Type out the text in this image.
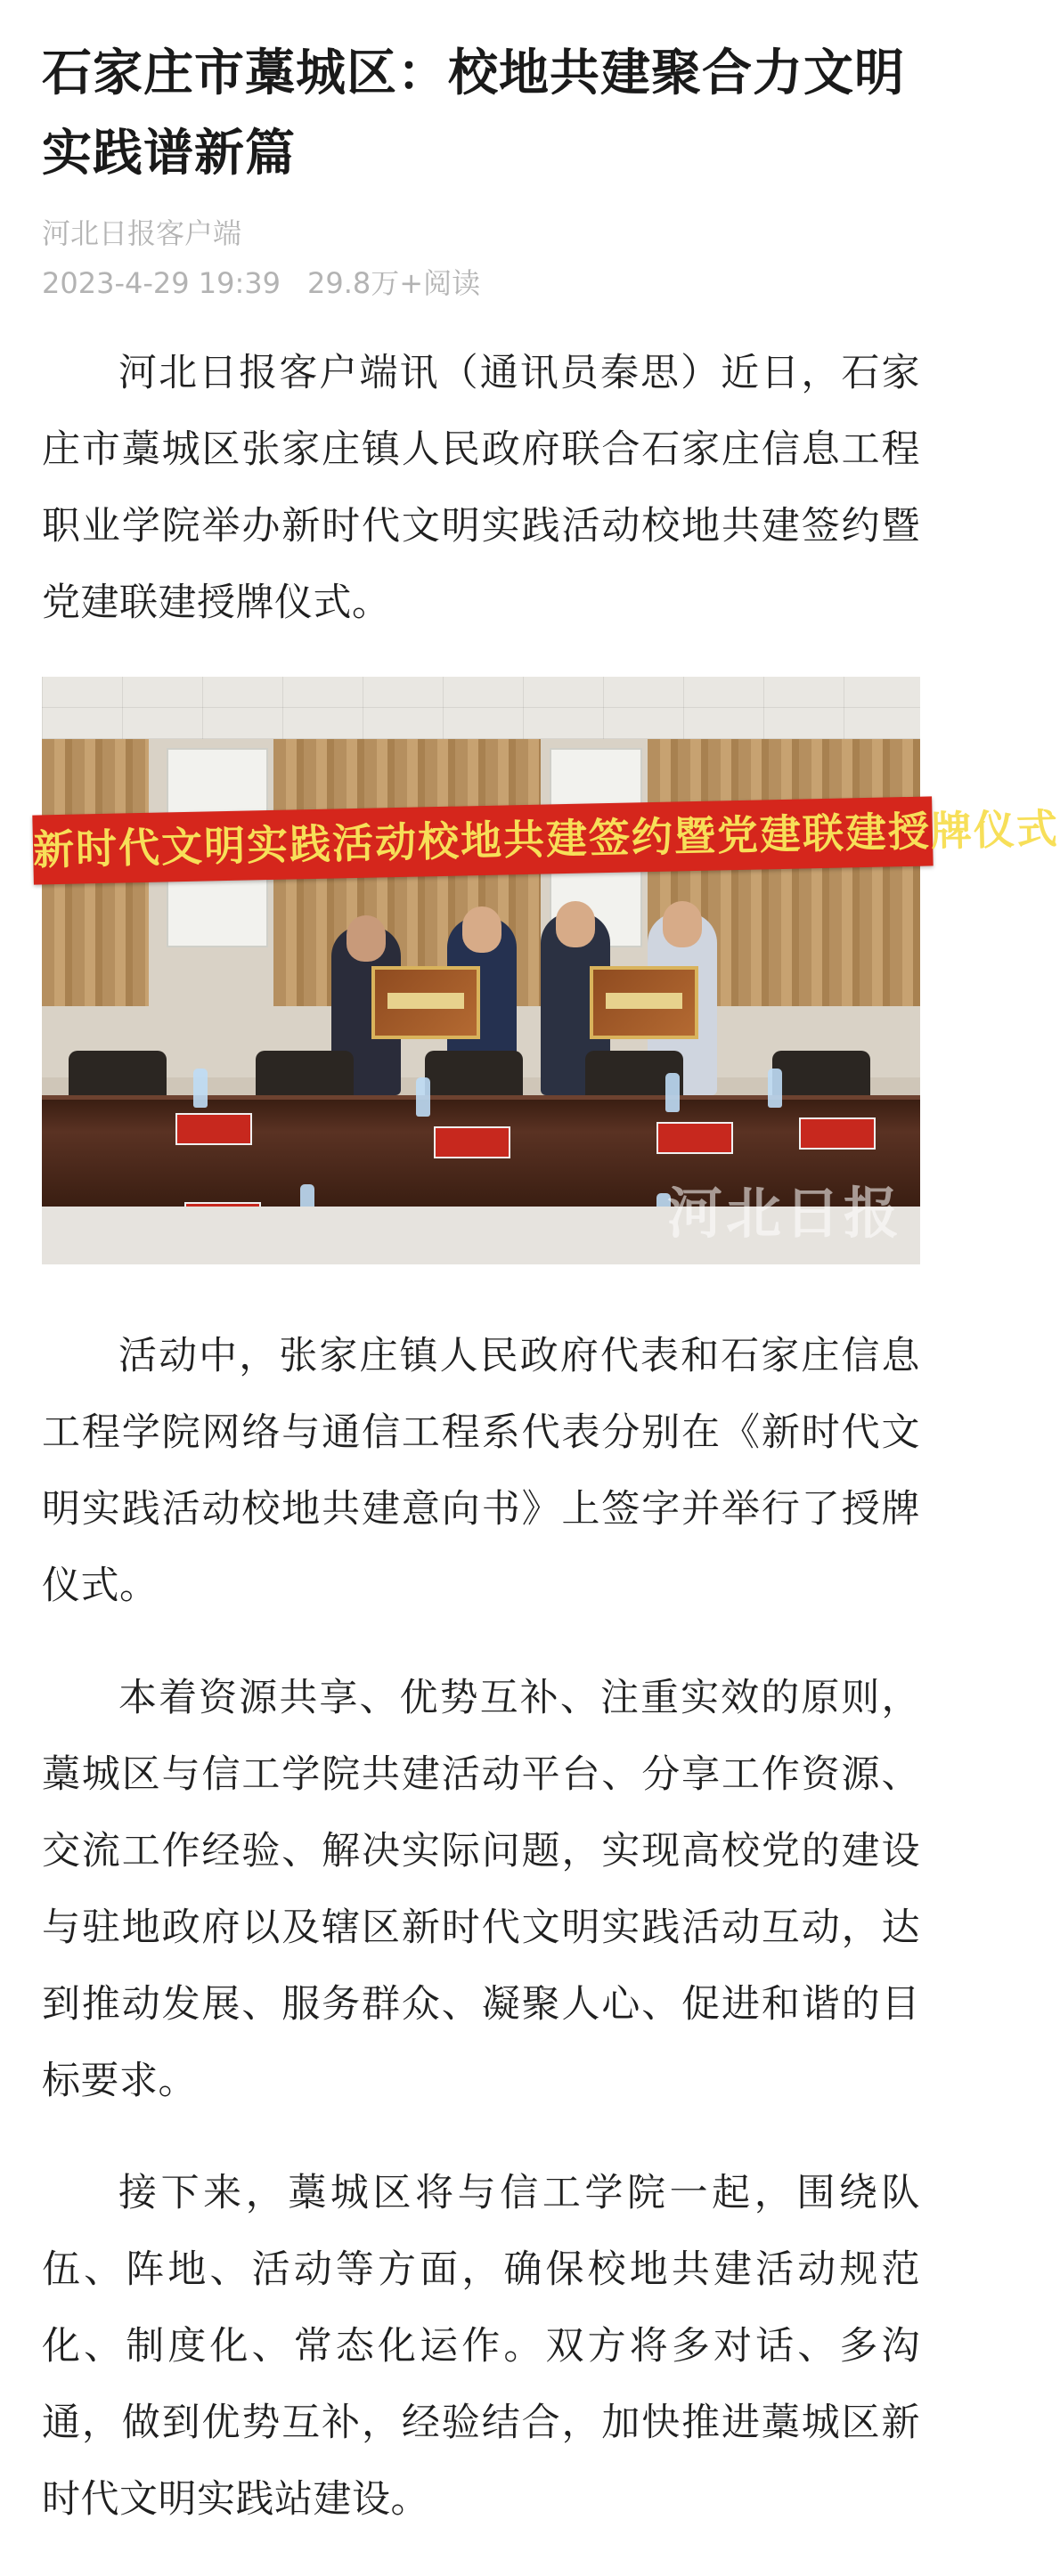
石家庄市藁城区：校地共建聚合力文明实践谱新篇
河北日报客户端
2023-4-29 19:39 29.8万+阅读

河北日报客户端讯（通讯员秦思）近日，石家庄市藁城区张家庄镇人民政府联合石家庄信息工程职业学院举办新时代文明实践活动校地共建签约暨党建联建授牌仪式。

新时代文明实践活动校地共建签约暨党建联建授牌仪式
河北日报

活动中，张家庄镇人民政府代表和石家庄信息工程学院网络与通信工程系代表分别在《新时代文明实践活动校地共建意向书》上签字并举行了授牌仪式。

本着资源共享、优势互补、注重实效的原则，藁城区与信工学院共建活动平台、分享工作资源、交流工作经验、解决实际问题，实现高校党的建设与驻地政府以及辖区新时代文明实践活动互动，达到推动发展、服务群众、凝聚人心、促进和谐的目标要求。

接下来，藁城区将与信工学院一起，围绕队伍、阵地、活动等方面，确保校地共建活动规范化、制度化、常态化运作。双方将多对话、多沟通，做到优势互补，经验结合，加快推进藁城区新时代文明实践站建设。
